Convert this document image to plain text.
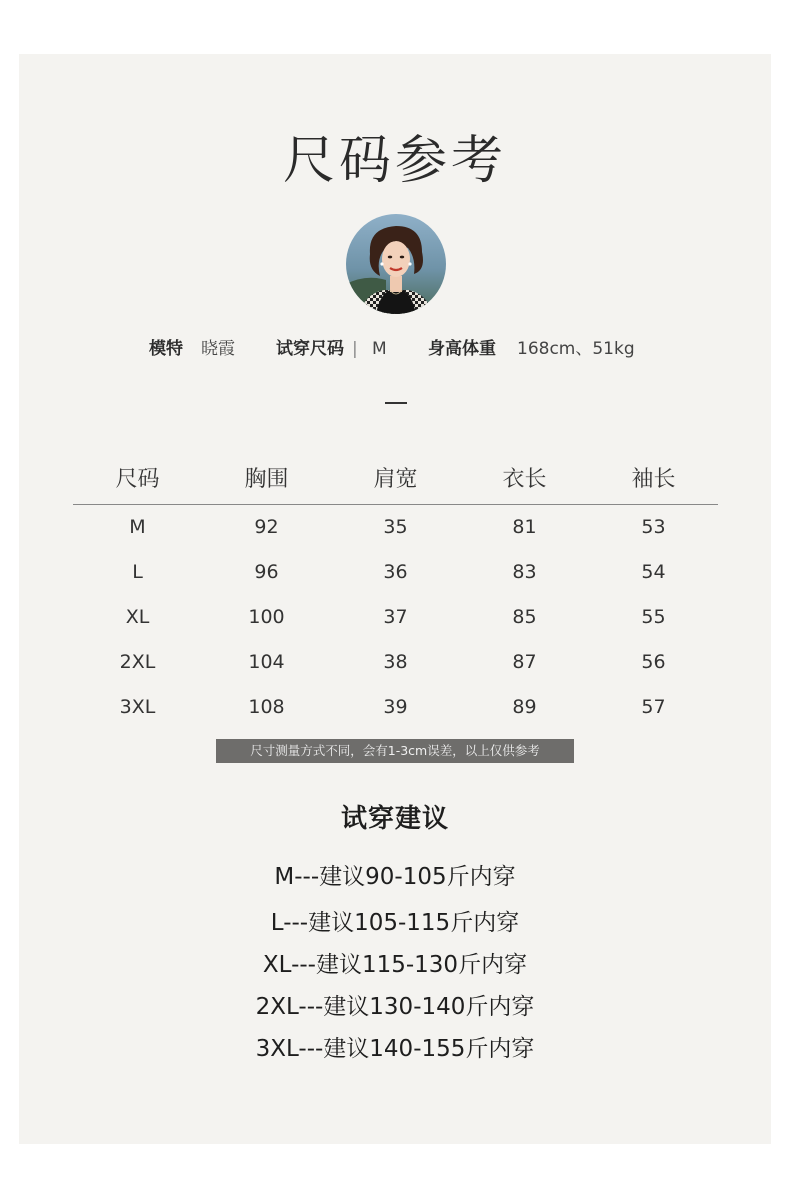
尺码参考
模特 晓霞 试穿尺码 | M 身高体重 168cm、51kg
尺码	胸围	肩宽	衣长	袖长
M	92	35	81	53
L	96	36	83	54
XL	100	37	85	55
2XL	104	38	87	56
3XL	108	39	89	57
尺寸测量方式不同，会有1-3cm误差，以上仅供参考
试穿建议
M---建议90-105斤内穿
L---建议105-115斤内穿
XL---建议115-130斤内穿
2XL---建议130-140斤内穿
3XL---建议140-155斤内穿
